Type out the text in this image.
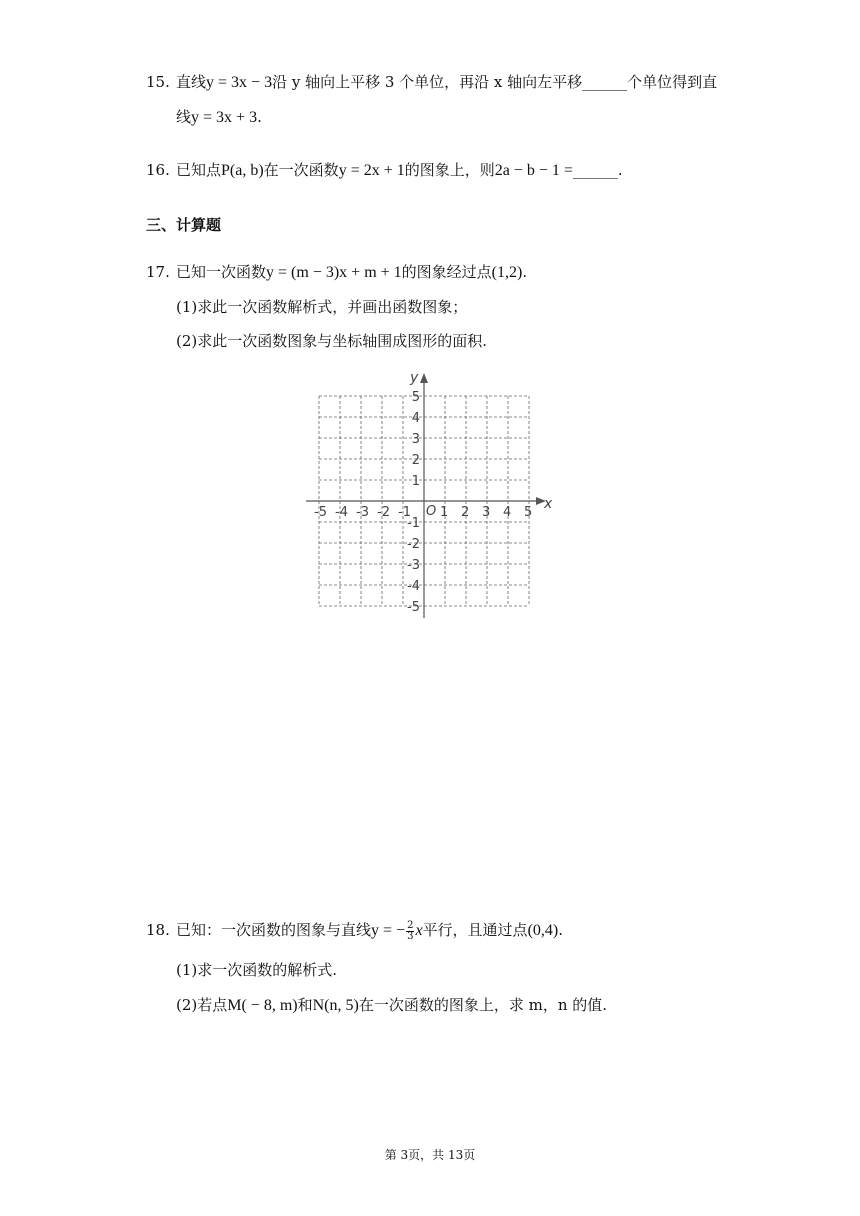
15. 直线y = 3x − 3沿 y 轴向上平移 3 个单位，再沿 x 轴向左平移______个单位得到直
线y = 3x + 3.
16. 已知点P(a, b)在一次函数y = 2x + 1的图象上，则2a − b − 1 =______.
三、计算题
17. 已知一次函数y = (m − 3)x + m + 1的图象经过点(1,2).
(1)求此一次函数解析式，并画出函数图象；
(2)求此一次函数图象与坐标轴围成图形的面积.
y
x
O
-5 -4 -3 -2 -1 1 2 3 4 5
5
4
3
2
1
-1
-2
-3
-4
-5
18. 已知：一次函数的图象与直线y = − $\frac{2}{3}$ x平行，且通过点(0,4).
(1)求一次函数的解析式.
(2)若点M( − 8, m)和N(n, 5)在一次函数的图象上，求 m，n 的值.
第 3页，共 13页
